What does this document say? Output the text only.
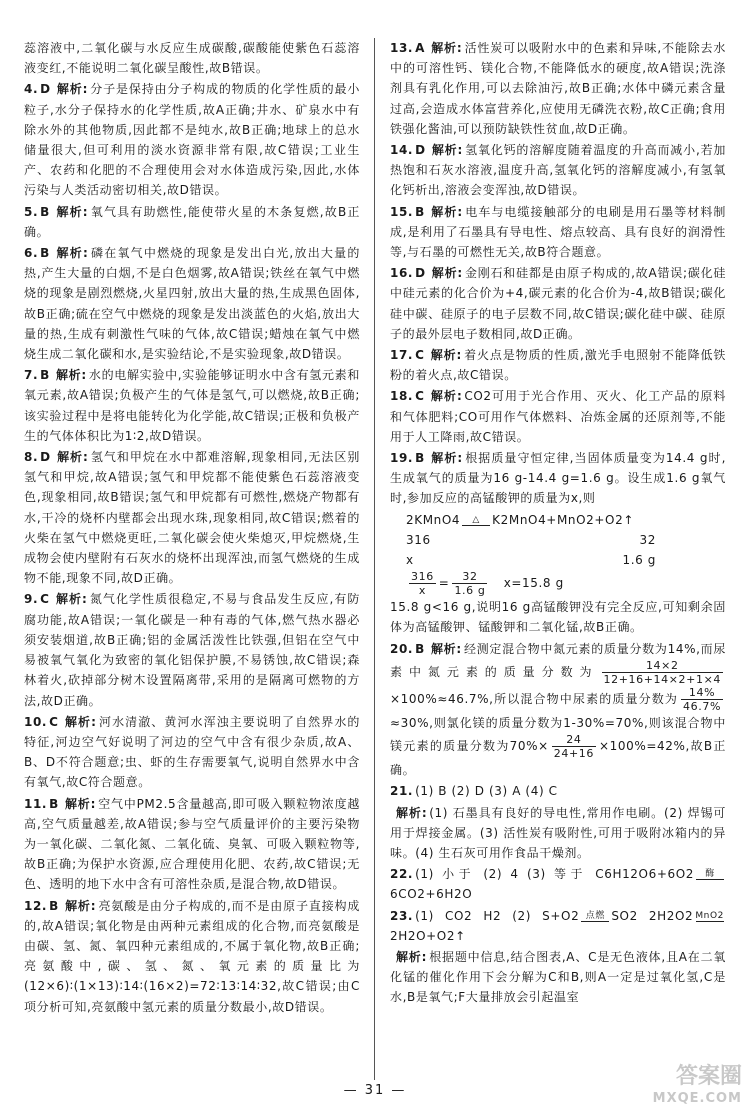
蕊溶液中,二氧化碳与水反应生成碳酸,碳酸能使紫色石蕊溶液变红,不能说明二氧化碳呈酸性,故B错误。
4. D 解析: 分子是保持由分子构成的物质的化学性质的最小粒子,水分子保持水的化学性质,故A正确;井水、矿泉水中有除水外的其他物质,因此都不是纯水,故B正确;地球上的总水储量很大,但可利用的淡水资源非常有限,故C错误;工业生产、农药和化肥的不合理使用会对水体造成污染,因此,水体污染与人类活动密切相关,故D错误。
5. B 解析: 氧气具有助燃性,能使带火星的木条复燃,故B正确。
6. B 解析: 磷在氧气中燃烧的现象是发出白光,放出大量的热,产生大量的白烟,不是白色烟雾,故A错误;铁丝在氧气中燃烧的现象是剧烈燃烧,火星四射,放出大量的热,生成黑色固体,故B正确;硫在空气中燃烧的现象是发出淡蓝色的火焰,放出大量的热,生成有刺激性气味的气体,故C错误;蜡烛在氧气中燃烧生成二氧化碳和水,是实验结论,不是实验现象,故D错误。
7. B 解析: 水的电解实验中,实验能够证明水中含有氢元素和氧元素,故A错误;负极产生的气体是氢气,可以燃烧,故B正确;该实验过程中是将电能转化为化学能,故C错误;正极和负极产生的气体体积比为1∶2,故D错误。
8. D 解析: 氢气和甲烷在水中都难溶解,现象相同,无法区别氢气和甲烷,故A错误;氢气和甲烷都不能使紫色石蕊溶液变色,现象相同,故B错误;氢气和甲烷都有可燃性,燃烧产物都有水,干冷的烧杯内壁都会出现水珠,现象相同,故C错误;燃着的火柴在氢气中燃烧更旺,二氧化碳会使火柴熄灭,甲烷燃烧,生成物会使内壁附有石灰水的烧杯出现浑浊,而氢气燃烧的生成物不能,现象不同,故D正确。
9. C 解析: 氮气化学性质很稳定,不易与食品发生反应,有防腐功能,故A错误;一氧化碳是一种有毒的气体,燃气热水器必须安装烟道,故B正确;铝的金属活泼性比铁强,但铝在空气中易被氧气氧化为致密的氧化铝保护膜,不易锈蚀,故C错误;森林着火,砍掉部分树木设置隔离带,采用的是隔离可燃物的方法,故D正确。
10. C 解析: 河水清澈、黄河水浑浊主要说明了自然界水的特征,河边空气好说明了河边的空气中含有很少杂质,故A、B、D不符合题意;虫、虾的生存需要氧气,说明自然界水中含有氧气,故C符合题意。
11. B 解析: 空气中PM2.5含量越高,即可吸入颗粒物浓度越高,空气质量越差,故A错误;参与空气质量评价的主要污染物为一氧化碳、二氧化氮、二氧化硫、臭氧、可吸入颗粒物等,故B正确;为保护水资源,应合理使用化肥、农药,故C错误;无色、透明的地下水中含有可溶性杂质,是混合物,故D错误。
12. B 解析: 亮氨酸是由分子构成的,而不是由原子直接构成的,故A错误;氧化物是由两种元素组成的化合物,而亮氨酸是由碳、氢、氮、氧四种元素组成的,不属于氧化物,故B正确;亮氨酸中,碳、氢、氮、氧元素的质量比为(12×6)∶(1×13)∶14∶(16×2)=72∶13∶14∶32,故C错误;由C项分析可知,亮氨酸中氢元素的质量分数最小,故D错误。
13. A 解析: 活性炭可以吸附水中的色素和异味,不能除去水中的可溶性钙、镁化合物,不能降低水的硬度,故A错误;洗涤剂具有乳化作用,可以去除油污,故B正确;水体中磷元素含量过高,会造成水体富营养化,应使用无磷洗衣粉,故C正确;食用铁强化酱油,可以预防缺铁性贫血,故D正确。
14. D 解析: 氢氧化钙的溶解度随着温度的升高而减小,若加热饱和石灰水溶液,温度升高,氢氧化钙的溶解度减小,有氢氧化钙析出,溶液会变浑浊,故D错误。
15. B 解析: 电车与电缆接触部分的电刷是用石墨等材料制成,是利用了石墨具有导电性、熔点较高、具有良好的润滑性等,与石墨的可燃性无关,故B符合题意。
16. D 解析: 金刚石和硅都是由原子构成的,故A错误;碳化硅中硅元素的化合价为+4,碳元素的化合价为-4,故B错误;碳化硅中碳、硅原子的电子层数不同,故C错误;碳化硅中碳、硅原子的最外层电子数相同,故D正确。
17. C 解析: 着火点是物质的性质,激光手电照射不能降低铁粉的着火点,故C错误。
18. C 解析: CO2可用于光合作用、灭火、化工产品的原料和气体肥料;CO可用作气体燃料、冶炼金属的还原剂等,不能用于人工降雨,故C错误。
19. B 解析: 根据质量守恒定律,当固体质量变为14.4 g时,生成氧气的质量为16 g-14.4 g=1.6 g。设生成1.6 g氧气时,参加反应的高锰酸钾的质量为x,则
2KMnO4	△	K2MnO4+MnO2+O2↑
316	32
x	1.6 g
$\frac{316}{x} = \frac{32}{1.6 g} x=15.8$ g
15.8 g<16 g,说明16 g高锰酸钾没有完全反应,可知剩余固体为高锰酸钾、锰酸钾和二氧化锰,故B正确。
20. B 解析: 经测定混合物中氮元素的质量分数为14%,而尿素中氮元素的质量分数为 $\frac{14\times 2}{12+16+14\times 2+1\times 4}$
×100%≈46.7%,所以混合物中尿素的质量分数为 $\frac{14\%}{46.7\%}$
≈30%,则氯化镁的质量分数为1-30%=70%,则该混合物中镁元素的质量分数为$70\%\times \frac{24}{24+16} \times 100\%=42\%$,故B正确。
21. (1) B (2) D (3) A (4) C
解析: (1) 石墨具有良好的导电性,常用作电刷。(2) 焊锡可用于焊接金属。(3) 活性炭有吸附性,可用于吸附冰箱内的异味。(4) 生石灰可用作食品干燥剂。
22. (1) 小于 (2) 4 (3) 等于 C6H12O6+6O2	酶
6CO2+6H2O
23. (1) CO2 H2 (2) S+O2 点燃 SO2 2H2O2 MnO2
2H2O+O2↑
解析: 根据题中信息,结合图表,A、C是无色液体,且A在二氧化锰的催化作用下会分解为C和B,则A一定是过氧化氢,C是水,B是氧气;F大量排放会引起温室
— 31 —
答案圈
MXQE.COM
